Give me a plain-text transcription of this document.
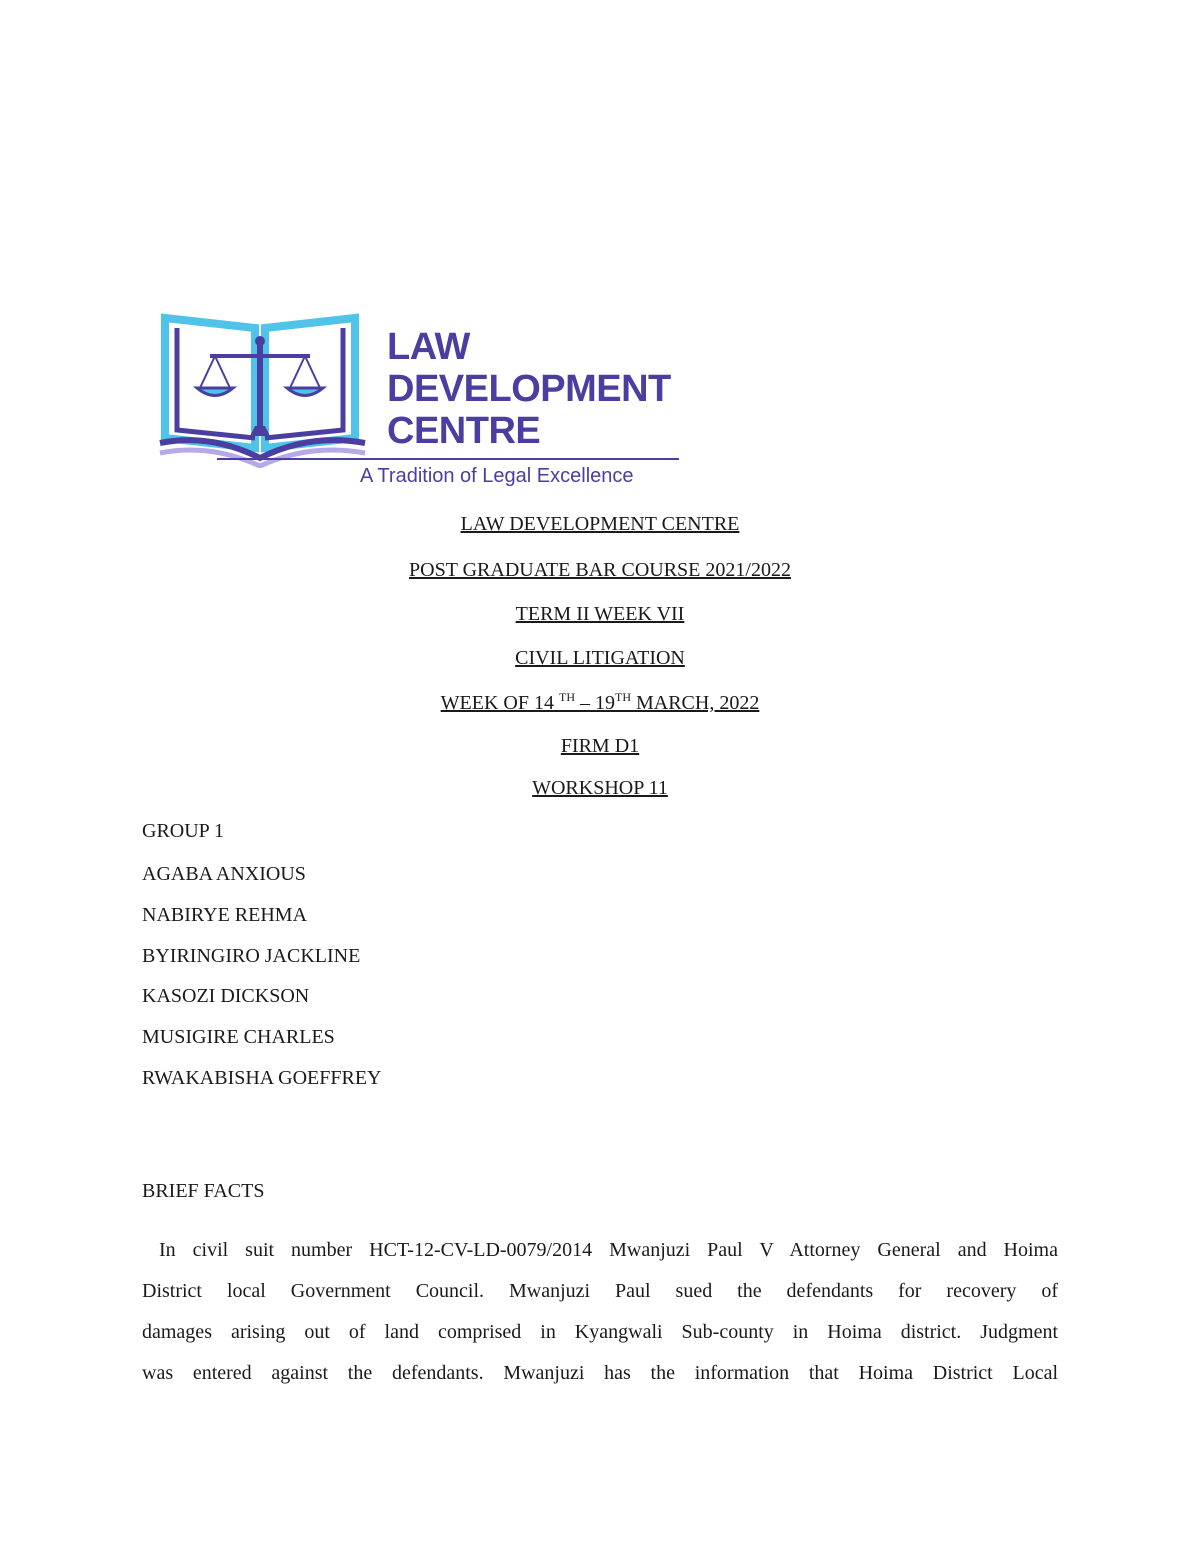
LAW
DEVELOPMENT
CENTRE
A Tradition of Legal Excellence
LAW DEVELOPMENT CENTRE
POST GRADUATE BAR COURSE 2021/2022
TERM II WEEK VII
CIVIL LITIGATION
WEEK OF 14 $^{TH}$ – 19TH MARCH, 2022
FIRM D1
WORKSHOP 11
GROUP 1
AGABA ANXIOUS
NABIRYE REHMA
BYIRINGIRO JACKLINE
KASOZI DICKSON
MUSIGIRE CHARLES
RWAKABISHA GOEFFREY
BRIEF FACTS
In civil suit number HCT-12-CV-LD-0079/2014 Mwanjuzi Paul V Attorney General and Hoima
District local Government Council. Mwanjuzi Paul sued the defendants for recovery of
damages arising out of land comprised in Kyangwali Sub-county in Hoima district. Judgment
was entered against the defendants. Mwanjuzi has the information that Hoima District Local
